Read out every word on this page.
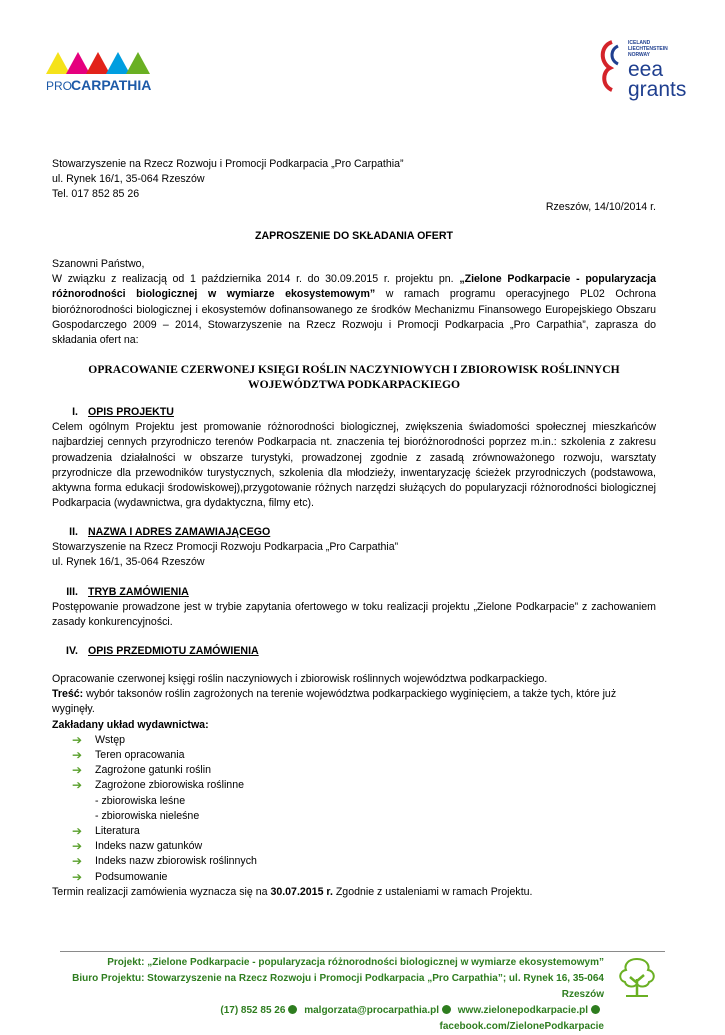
PRO
CARPATHIA
ICELAND
LIECHTENSTEIN
NORWAY
eea
grants

Stowarzyszenie na Rzecz Rozwoju i Promocji Podkarpacia „Pro Carpathia”

ul. Rynek 16/1, 35-064 Rzeszów

Tel. 017 852 85 26

Rzeszów, 14/10/2014 r.
ZAPROSZENIE DO SKŁADANIA OFERT

Szanowni Państwo,

W związku z realizacją od 1 października 2014 r. do 30.09.2015 r. projektu pn. „Zielone Podkarpacie - popularyzacja różnorodności biologicznej w wymiarze ekosystemowym” w ramach programu operacyjnego PL02 Ochrona bioróżnorodności biologicznej i ekosystemów dofinansowanego ze środków Mechanizmu Finansowego Europejskiego Obszaru Gospodarczego 2009 – 2014, Stowarzyszenie na Rzecz Rozwoju i Promocji Podkarpacia „Pro Carpathia”, zaprasza do składania ofert na:

OPRACOWANIE CZERWONEJ KSIĘGI ROŚLIN NACZYNIOWYCH I ZBIOROWISK ROŚLINNYCH
WOJEWÓDZTWA PODKARPACKIEGO

I. OPIS PROJEKTU

Celem ogólnym Projektu jest promowanie różnorodności biologicznej, zwiększenia świadomości społecznej mieszkańców najbardziej cennych przyrodniczo terenów Podkarpacia nt. znaczenia tej bioróżnorodności poprzez m.in.: szkolenia z zakresu prowadzenia działalności w obszarze turystyki, prowadzonej zgodnie z zasadą zrównoważonego rozwoju, warsztaty przyrodnicze dla przewodników turystycznych, szkolenia dla młodzieży, inwentaryzację ścieżek przyrodniczych (podstawowa, aktywna forma edukacji środowiskowej),przygotowanie różnych narzędzi służących do popularyzacji różnorodności biologicznej Podkarpacia (wydawnictwa, gra dydaktyczna, filmy etc).

II. NAZWA I ADRES ZAMAWIAJĄCEGO

Stowarzyszenie na Rzecz Promocji Rozwoju Podkarpacia „Pro Carpathia”

ul. Rynek 16/1, 35-064 Rzeszów

III. TRYB ZAMÓWIENIA

Postępowanie prowadzone jest w trybie zapytania ofertowego w toku realizacji projektu „Zielone Podkarpacie” z zachowaniem zasady konkurencyjności.

IV. OPIS PRZEDMIOTU ZAMÓWIENIA

Opracowanie czerwonej księgi roślin naczyniowych i zbiorowisk roślinnych województwa podkarpackiego.

Treść: wybór taksonów roślin zagrożonych na terenie województwa podkarpackiego wyginięciem, a także tych, które już wyginęły.

Zakładany układ wydawnictwa:

➔ Wstęp
➔ Teren opracowania
➔ Zagrożone gatunki roślin
➔ Zagrożone zbiorowiska roślinne

- zbiorowiska leśne

- zbiorowiska nieleśne

➔ Literatura
➔ Indeks nazw gatunków
➔ Indeks nazw zbiorowisk roślinnych
➔ Podsumowanie

Termin realizacji zamówienia wyznacza się na 30.07.2015 r. Zgodnie z ustaleniami w ramach Projektu.

Projekt: „Zielone Podkarpacie - popularyzacja różnorodności biologicznej w wymiarze ekosystemowym”
Biuro Projektu: Stowarzyszenie na Rzecz Rozwoju i Promocji Podkarpacia „Pro Carpathia”; ul. Rynek 16, 35-064 Rzeszów
(17) 852 85 26 malgorzata@procarpathia.pl www.zielonepodkarpacie.pl facebook.com/ZielonePodkarpacie
